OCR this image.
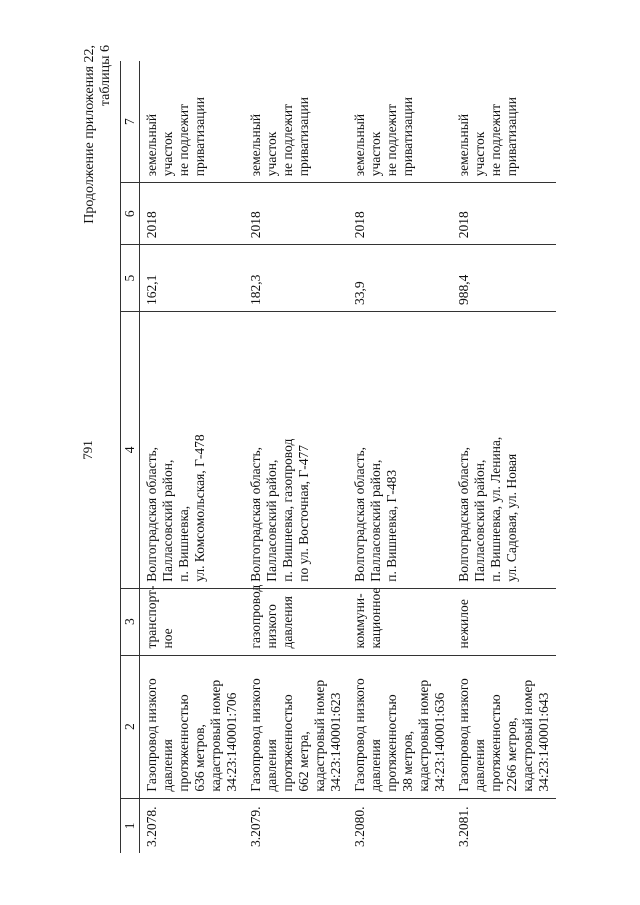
791
Продолжение приложения 22, таблицы 6
1	2	3	4	5	6	7
3.2078.	Газопровод низкого
давления протяженностью
636 метров,
кадастровый номер
34:23:140001:706	транспорт-
ное	Волгоградская область,
Палласовский район,
п. Вишневка,
ул. Комсомольская, Г-478	162,1	2018	земельный
участок
не подлежит
приватизации
3.2079.	Газопровод низкого
давления протяженностью
662 метра,
кадастровый номер
34:23:140001:623	газопровод
низкого
давления	Волгоградская область,
Палласовский район,
п. Вишневка, газопровод
по ул. Восточная, Г-477	182,3	2018	земельный
участок
не подлежит
приватизации
3.2080.	Газопровод низкого
давления протяженностью
38 метров,
кадастровый номер
34:23:140001:636	коммуни-
кационное	Волгоградская область,
Палласовский район,
п. Вишневка, Г-483	33,9	2018	земельный
участок
не подлежит
приватизации
3.2081.	Газопровод низкого
давления протяженностью
2266 метров,
кадастровый номер
34:23:140001:643	нежилое	Волгоградская область,
Палласовский район,
п. Вишневка, ул. Ленина,
ул. Садовая, ул. Новая	988,4	2018	земельный
участок
не подлежит
приватизации
